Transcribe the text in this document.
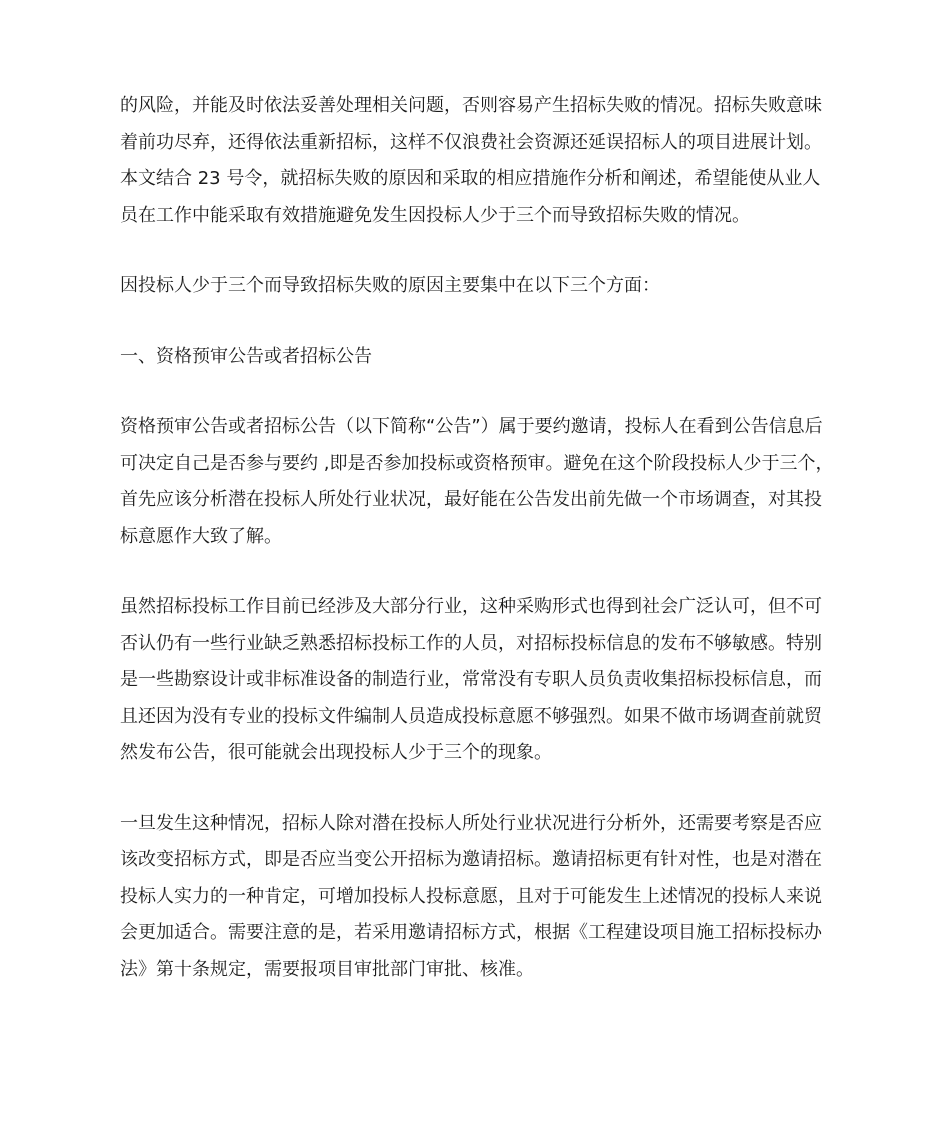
的风险，并能及时依法妥善处理相关问题，否则容易产生招标失败的情况。招标失败意味
着前功尽弃，还得依法重新招标，这样不仅浪费社会资源还延误招标人的项目进展计划。
本文结合 23 号令，就招标失败的原因和采取的相应措施作分析和阐述，希望能使从业人
员在工作中能采取有效措施避免发生因投标人少于三个而导致招标失败的情况。

因投标人少于三个而导致招标失败的原因主要集中在以下三个方面：

一、资格预审公告或者招标公告

资格预审公告或者招标公告（以下简称“公告”）属于要约邀请，投标人在看到公告信息后
可决定自己是否参与要约 ,即是否参加投标或资格预审。避免在这个阶段投标人少于三个，
首先应该分析潜在投标人所处行业状况，最好能在公告发出前先做一个市场调查，对其投
标意愿作大致了解。

虽然招标投标工作目前已经涉及大部分行业，这种采购形式也得到社会广泛认可，但不可
否认仍有一些行业缺乏熟悉招标投标工作的人员，对招标投标信息的发布不够敏感。特别
是一些勘察设计或非标准设备的制造行业，常常没有专职人员负责收集招标投标信息，而
且还因为没有专业的投标文件编制人员造成投标意愿不够强烈。如果不做市场调查前就贸
然发布公告，很可能就会出现投标人少于三个的现象。

一旦发生这种情况，招标人除对潜在投标人所处行业状况进行分析外，还需要考察是否应
该改变招标方式，即是否应当变公开招标为邀请招标。邀请招标更有针对性，也是对潜在
投标人实力的一种肯定，可增加投标人投标意愿，且对于可能发生上述情况的投标人来说
会更加适合。需要注意的是，若采用邀请招标方式，根据《工程建设项目施工招标投标办
法》第十条规定，需要报项目审批部门审批、核准。
